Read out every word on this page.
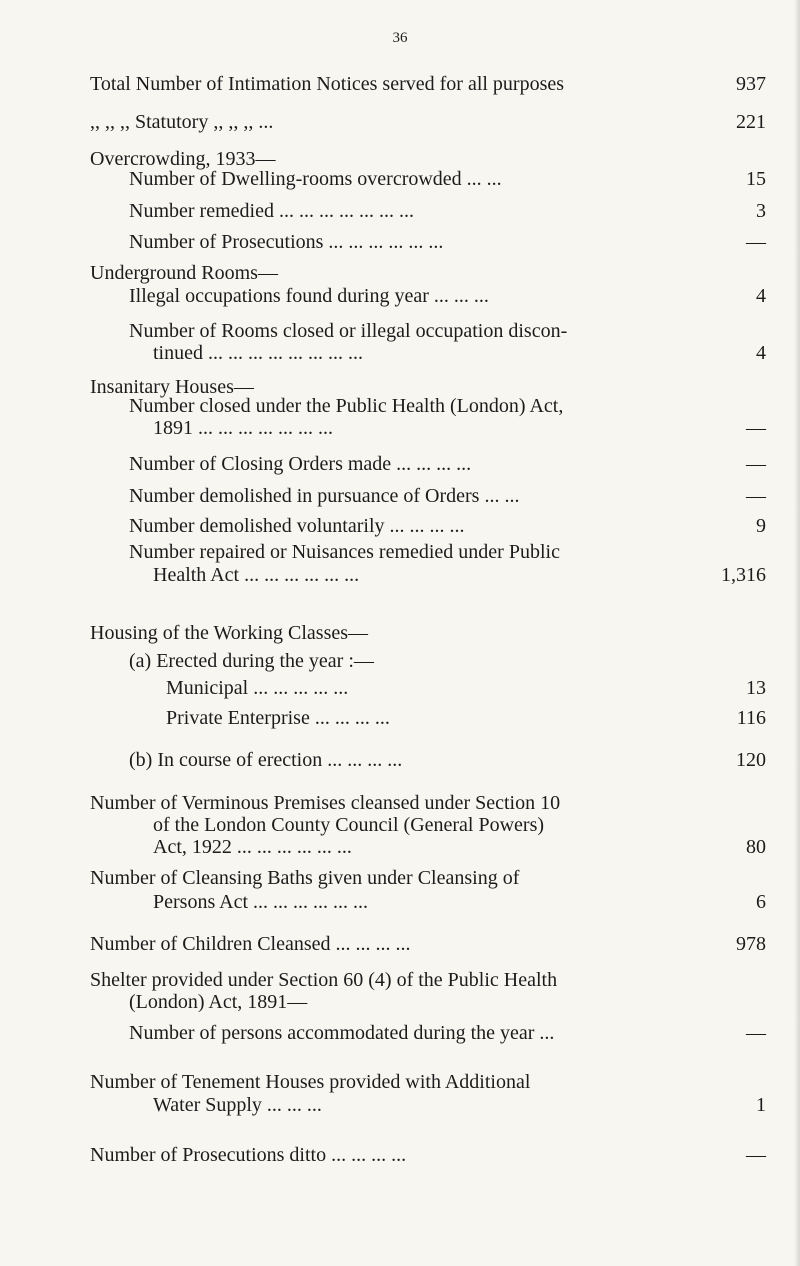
36
Total Number of Intimation Notices served for all purposes	937
,, ,, ,, Statutory ,, ,, ,, ...	221
Overcrowding, 1933—
Number of Dwelling-rooms overcrowded ... ...	15
Number remedied ... ... ... ... ... ... ...	3
Number of Prosecutions ... ... ... ... ... ...	—
Underground Rooms—
Illegal occupations found during year ... ... ...	4
Number of Rooms closed or illegal occupation discon-
tinued ... ... ... ... ... ... ... ...	4
Insanitary Houses—
Number closed under the Public Health (London) Act,
1891 ... ... ... ... ... ... ...	—
Number of Closing Orders made ... ... ... ...	—
Number demolished in pursuance of Orders ... ...	—
Number demolished voluntarily ... ... ... ...	9
Number repaired or Nuisances remedied under Public
Health Act ... ... ... ... ... ...	1,316
Housing of the Working Classes—
(a) Erected during the year :—
Municipal ... ... ... ... ...	13
Private Enterprise ... ... ... ...	116
(b) In course of erection ... ... ... ...	120
Number of Verminous Premises cleansed under Section 10
of the London County Council (General Powers)
Act, 1922 ... ... ... ... ... ...	80
Number of Cleansing Baths given under Cleansing of
Persons Act ... ... ... ... ... ...	6
Number of Children Cleansed ... ... ... ...	978
Shelter provided under Section 60 (4) of the Public Health
(London) Act, 1891—
Number of persons accommodated during the year ...	—
Number of Tenement Houses provided with Additional
Water Supply ... ... ...	1
Number of Prosecutions ditto ... ... ... ...	—
